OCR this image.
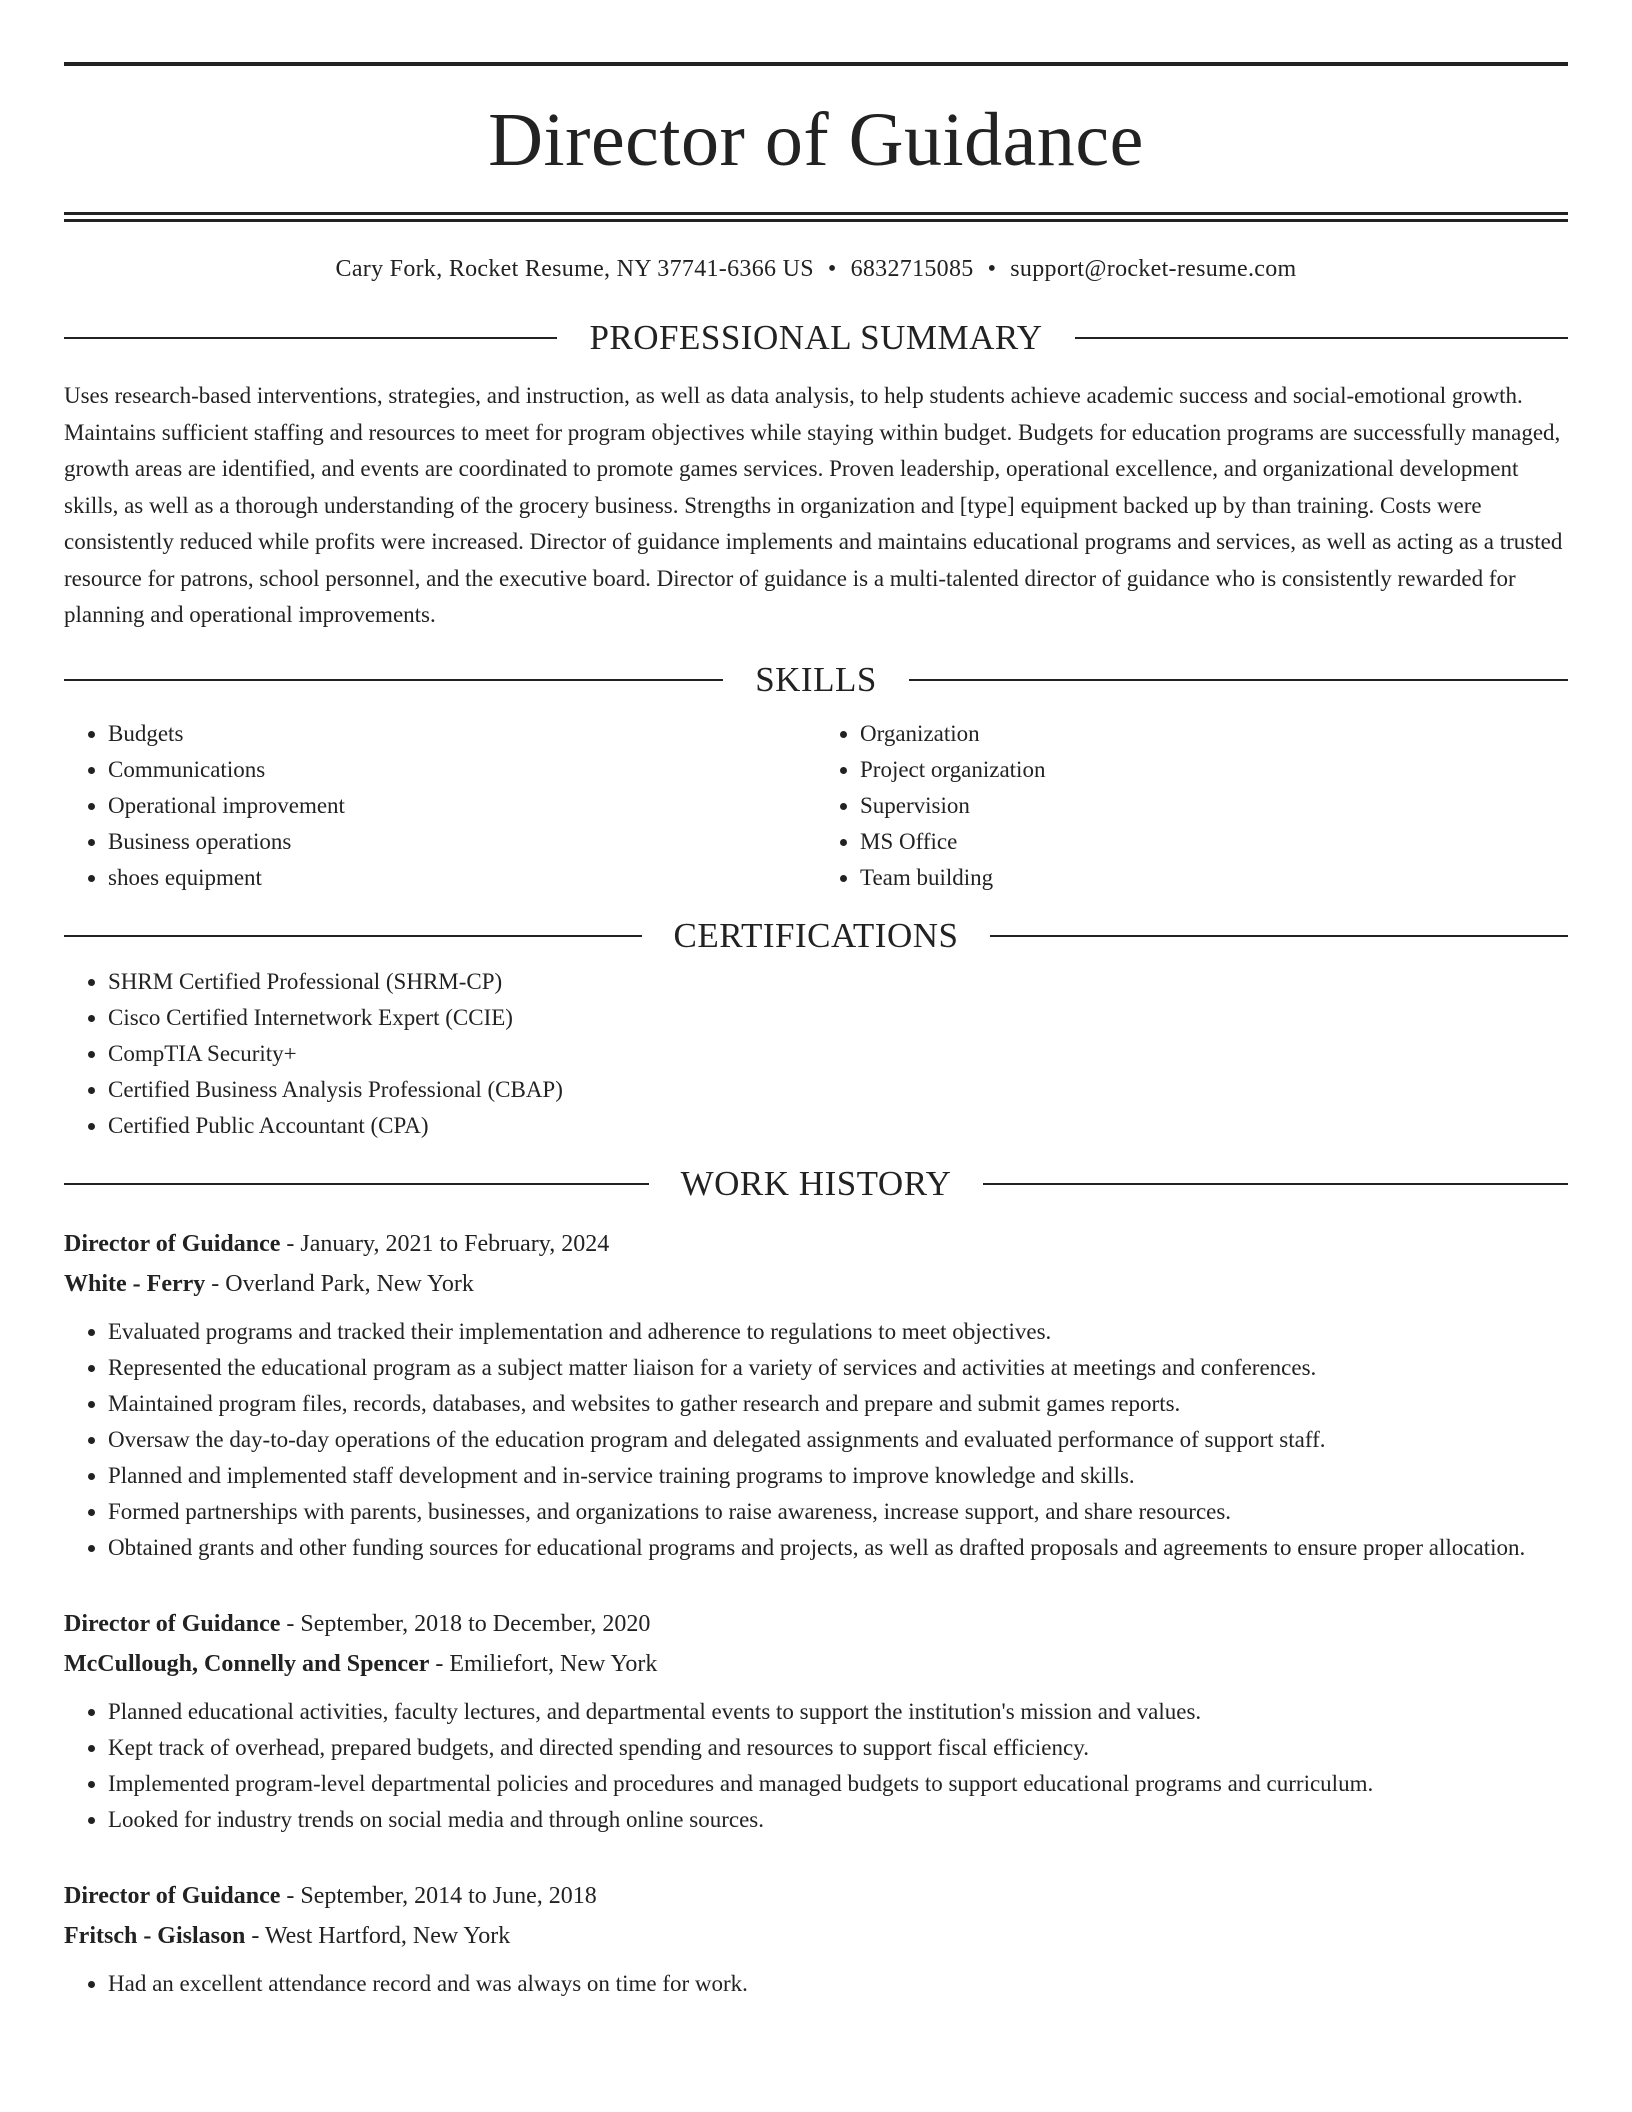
Director of Guidance
Cary Fork, Rocket Resume, NY 37741-6366 US • 6832715085 • support@rocket-resume.com
PROFESSIONAL SUMMARY

Uses research-based interventions, strategies, and instruction, as well as data analysis, to help students achieve academic success and social-emotional growth. Maintains sufficient staffing and resources to meet for program objectives while staying within budget. Budgets for education programs are successfully managed, growth areas are identified, and events are coordinated to promote games services. Proven leadership, operational excellence, and organizational development skills, as well as a thorough understanding of the grocery business. Strengths in organization and [type] equipment backed up by than training. Costs were consistently reduced while profits were increased. Director of guidance implements and maintains educational programs and services, as well as acting as a trusted resource for patrons, school personnel, and the executive board. Director of guidance is a multi-talented director of guidance who is consistently rewarded for planning and operational improvements.

SKILLS
• Budgets
• Communications
• Operational improvement
• Business operations
• shoes equipment
• Organization
• Project organization
• Supervision
• MS Office
• Team building
CERTIFICATIONS
• SHRM Certified Professional (SHRM-CP)
• Cisco Certified Internetwork Expert (CCIE)
• CompTIA Security+
• Certified Business Analysis Professional (CBAP)
• Certified Public Accountant (CPA)
WORK HISTORY
Director of Guidance - January, 2021 to February, 2024
White - Ferry - Overland Park, New York
• Evaluated programs and tracked their implementation and adherence to regulations to meet objectives.
• Represented the educational program as a subject matter liaison for a variety of services and activities at meetings and conferences.
• Maintained program files, records, databases, and websites to gather research and prepare and submit games reports.
• Oversaw the day-to-day operations of the education program and delegated assignments and evaluated performance of support staff.
• Planned and implemented staff development and in-service training programs to improve knowledge and skills.
• Formed partnerships with parents, businesses, and organizations to raise awareness, increase support, and share resources.
• Obtained grants and other funding sources for educational programs and projects, as well as drafted proposals and agreements to ensure proper allocation.
Director of Guidance - September, 2018 to December, 2020
McCullough, Connelly and Spencer - Emiliefort, New York
• Planned educational activities, faculty lectures, and departmental events to support the institution's mission and values.
• Kept track of overhead, prepared budgets, and directed spending and resources to support fiscal efficiency.
• Implemented program-level departmental policies and procedures and managed budgets to support educational programs and curriculum.
• Looked for industry trends on social media and through online sources.
Director of Guidance - September, 2014 to June, 2018
Fritsch - Gislason - West Hartford, New York
• Had an excellent attendance record and was always on time for work.
